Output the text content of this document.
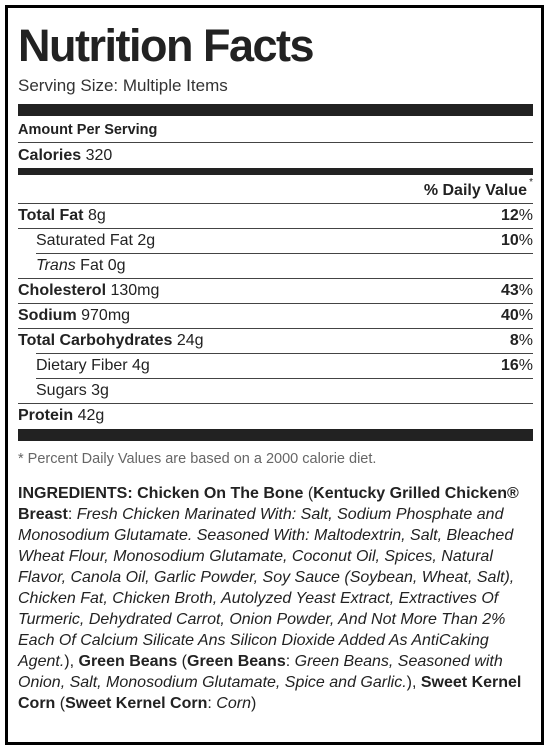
Nutrition Facts
Serving Size: Multiple Items
Amount Per Serving
Calories 320
% Daily Value *
Total Fat 8g	12%
Saturated Fat 2g	10%
Trans Fat 0g
Cholesterol 130mg	43%
Sodium 970mg	40%
Total Carbohydrates 24g	8%
Dietary Fiber 4g	16%
Sugars 3g
Protein 42g
* Percent Daily Values are based on a 2000 calorie diet.
INGREDIENTS: Chicken On The Bone (Kentucky Grilled Chicken® Breast: Fresh Chicken Marinated With: Salt, Sodium Phosphate and Monosodium Glutamate. Seasoned With: Maltodextrin, Salt, Bleached Wheat Flour, Monosodium Glutamate, Coconut Oil, Spices, Natural Flavor, Canola Oil, Garlic Powder, Soy Sauce (Soybean, Wheat, Salt), Chicken Fat, Chicken Broth, Autolyzed Yeast Extract, Extractives Of Turmeric, Dehydrated Carrot, Onion Powder, And Not More Than 2% Each Of Calcium Silicate Ans Silicon Dioxide Added As AntiCaking Agent.), Green Beans (Green Beans: Green Beans, Seasoned with Onion, Salt, Monosodium Glutamate, Spice and Garlic.), Sweet Kernel Corn (Sweet Kernel Corn: Corn)
